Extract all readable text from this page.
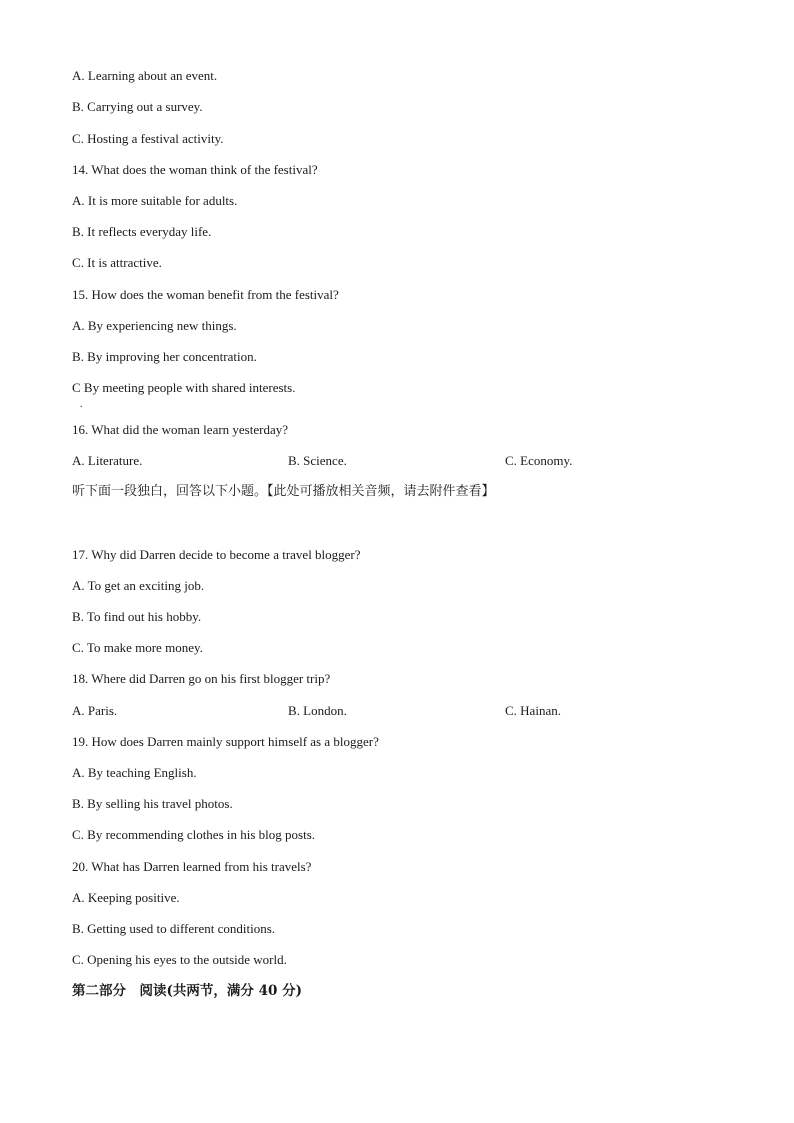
A. Learning about an event.
B. Carrying out a survey.
C. Hosting a festival activity.
14. What does the woman think of the festival?
A. It is more suitable for adults.
B. It reflects everyday life.
C. It is attractive.
15. How does the woman benefit from the festival?
A. By experiencing new things.
B. By improving her concentration.
C By meeting people with shared interests.
.
16. What did the woman learn yesterday?
A. Literature.	B. Science.	C. Economy.
听下面一段独白，回答以下小题。【此处可播放相关音频，请去附件查看】
17. Why did Darren decide to become a travel blogger?
A. To get an exciting job.
B. To find out his hobby.
C. To make more money.
18. Where did Darren go on his first blogger trip?
A. Paris.	B. London.	C. Hainan.
19. How does Darren mainly support himself as a blogger?
A. By teaching English.
B. By selling his travel photos.
C. By recommending clothes in his blog posts.
20. What has Darren learned from his travels?
A. Keeping positive.
B. Getting used to different conditions.
C. Opening his eyes to the outside world.
第二部分　阅读(共两节，满分 40 分)
